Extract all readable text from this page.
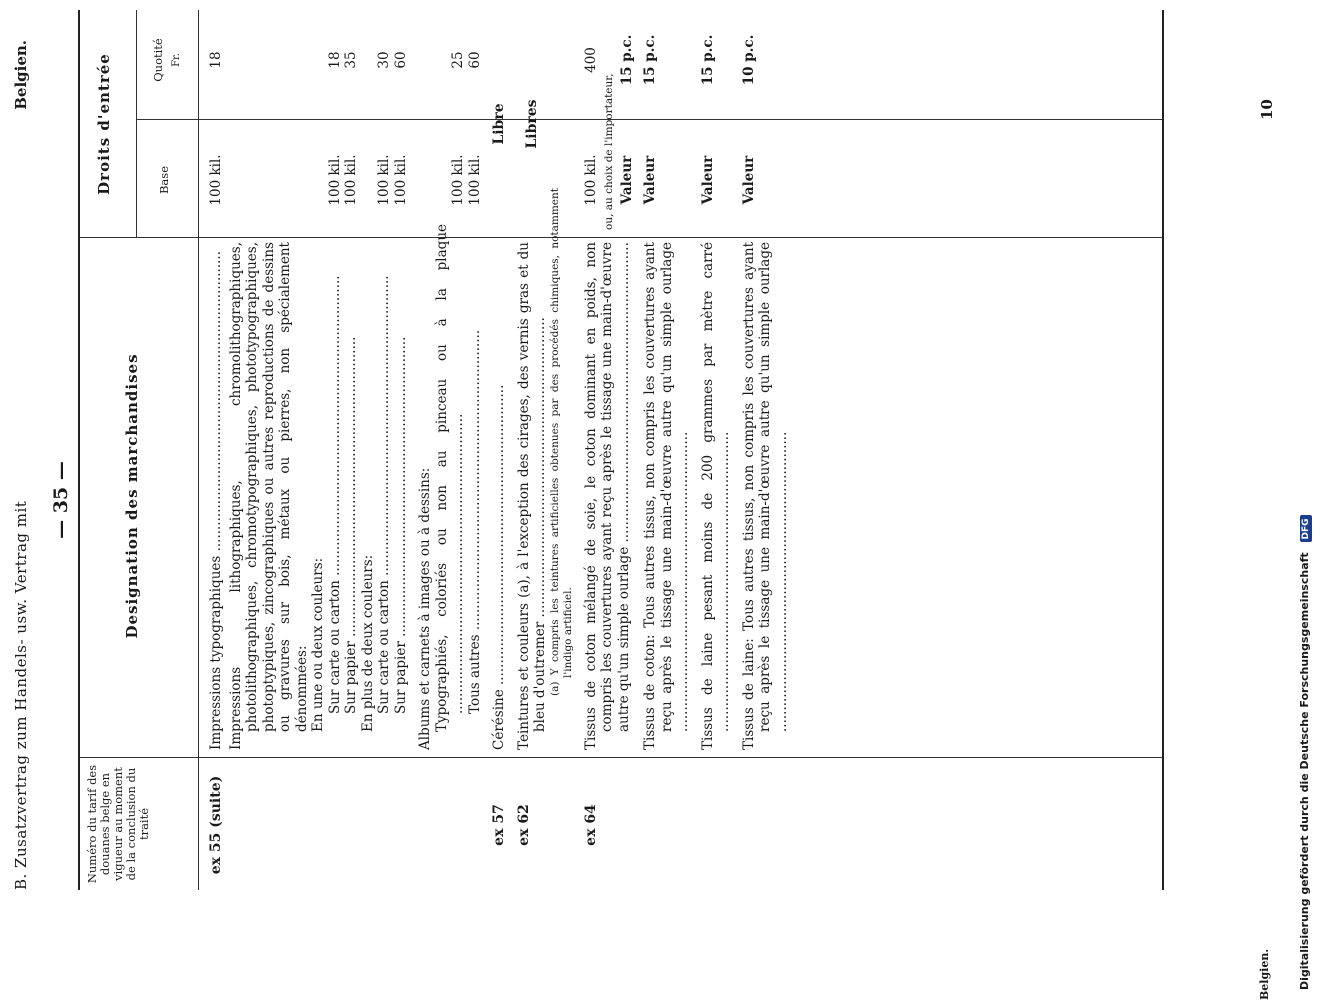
B. Zusatzvertrag zum Handels- usw. Vertrag mit
Belgien.
— 35 —
Numéro du tarif des douanes belge en vigueur au moment de la conclusion du traité
Designation des marchandises
Droits d'entrée	Base
Quotité Fr.
ex 55 (suite)
Impressions typographiques .....
100 kil.
18
Impressions lithographiques, chromolithographiques, photolithographiques, chromotypographiques, phototypographiques, photoptypiques, zincographiques ou autres reproductions de dessins ou gravures sur bois, métaux ou pierres, non spécialement dénommées: En une ou deux couleurs: Sur carte ou carton .....
100 kil.
18
Sur papier .....
100 kil.
35
En plus de deux couleurs: Sur carte ou carton .....
100 kil.
30
Sur papier .....
100 kil.
60
Albums et carnets à images ou à dessins: Typographiés, coloriés ou non au pinceau ou à la plaque .....
100 kil.
25
Tous autres .....
100 kil.
60
ex 57
Cérésine .....
Libre
ex 62
Teintures et couleurs (a), à l'exception des cirages, des vernis gras et du bleu d'outremer .....
Libres
(a) Y compris les teintures artificielles obtenues par des procédés chimiques, notamment l'indigo artificiel.
ex 64
Tissus de coton mélangé de soie, le coton dominant en poids, non compris les couvertures ayant reçu après le tissage une main-d'œuvre autre qu'un simple ourlage .....
100 kil.
400
ou, au choix de l'importateur, Valeur
15 p.c.
Tissus de coton: Tous autres tissus, non compris les couvertures ayant reçu après le tissage une main-d'œuvre autre qu'un simple ourlage .....
Valeur
15 p.c.
Tissus de laine pesant moins de 200 grammes par mètre carré .....
Valeur
15 p.c.
Tissus de laine: Tous autres tissus, non compris les couvertures ayant reçu après le tissage une main-d'œuvre autre qu'un simple ourlage .....
Valeur
10 p.c.
Belgien.
10
Digitalisierung gefördert durch die Deutsche Forschungsgemeinschaft DFG
